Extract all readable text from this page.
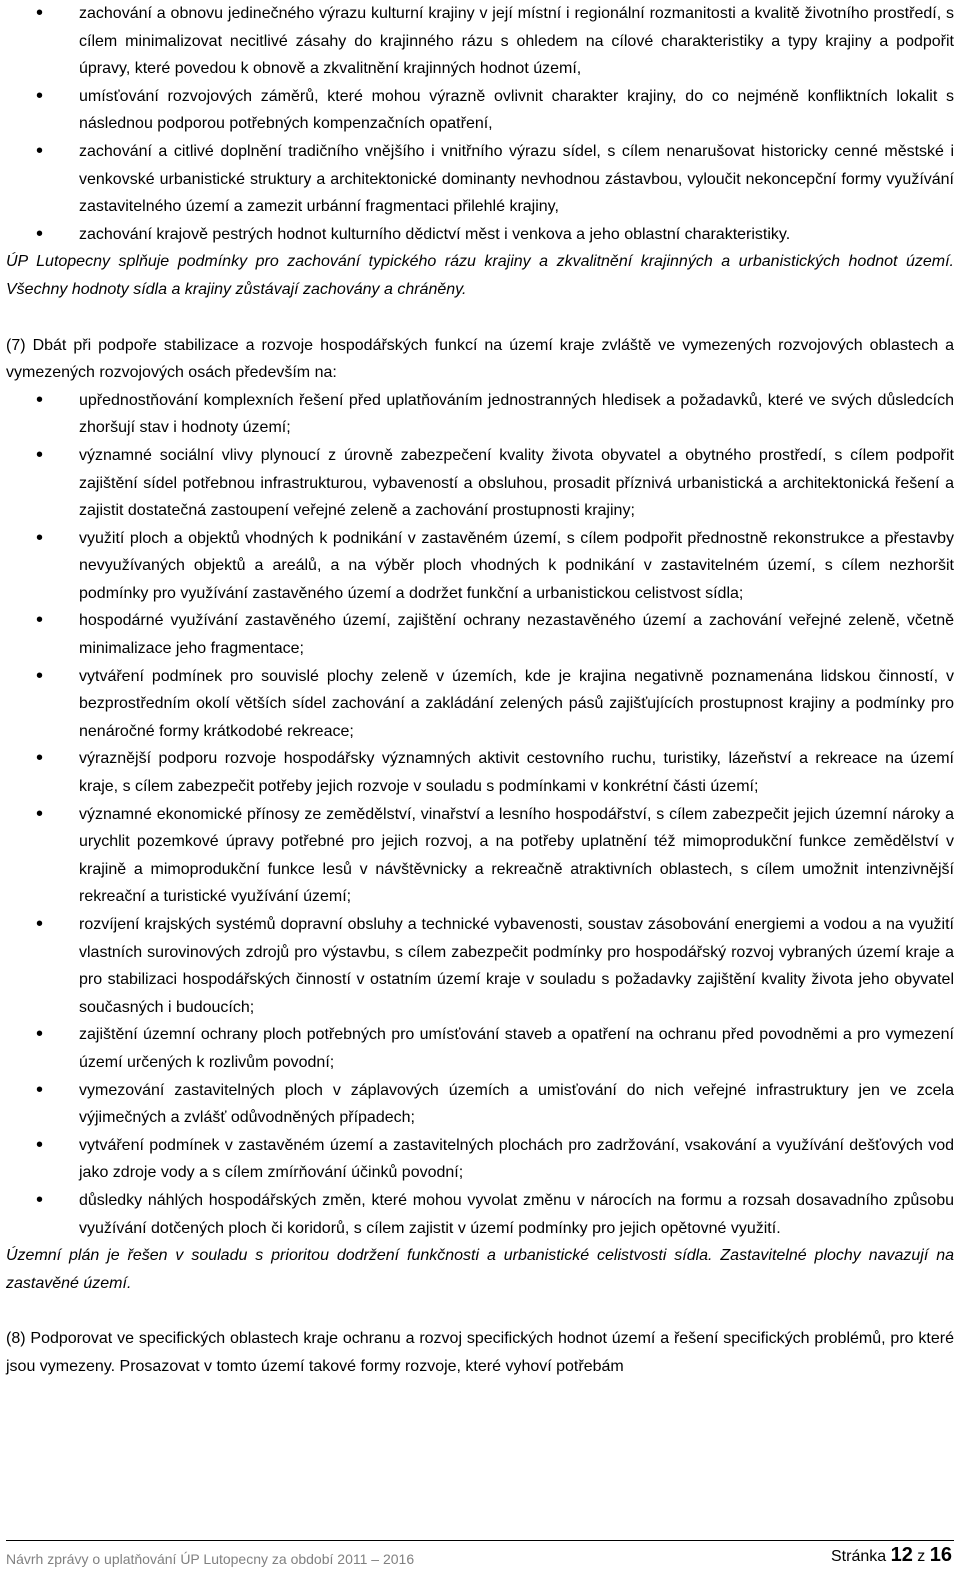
• zachování a obnovu jedinečného výrazu kulturní krajiny v její místní i regionální rozmanitosti a kvalitě životního prostředí, s cílem minimalizovat necitlivé zásahy do krajinného rázu s ohledem na cílové charakteristiky a typy krajiny a podpořit úpravy, které povedou k obnově a zkvalitnění krajinných hodnot území,
• umísťování rozvojových záměrů, které mohou výrazně ovlivnit charakter krajiny, do co nejméně konfliktních lokalit s následnou podporou potřebných kompenzačních opatření,
• zachování a citlivé doplnění tradičního vnějšího i vnitřního výrazu sídel, s cílem nenarušovat historicky cenné městské i venkovské urbanistické struktury a architektonické dominanty nevhodnou zástavbou, vyloučit nekoncepční formy využívání zastavitelného území a zamezit urbánní fragmentaci přilehlé krajiny,
• zachování krajově pestrých hodnot kulturního dědictví měst i venkova a jeho oblastní charakteristiky.

ÚP Lutopecny splňuje podmínky pro zachování typického rázu krajiny a zkvalitnění krajinných a urbanistických hodnot území. Všechny hodnoty sídla a krajiny zůstávají zachovány a chráněny.

(7) Dbát při podpoře stabilizace a rozvoje hospodářských funkcí na území kraje zvláště ve vymezených rozvojových oblastech a vymezených rozvojových osách především na:

• upřednostňování komplexních řešení před uplatňováním jednostranných hledisek a požadavků, které ve svých důsledcích zhoršují stav i hodnoty území;
• významné sociální vlivy plynoucí z úrovně zabezpečení kvality života obyvatel a obytného prostředí, s cílem podpořit zajištění sídel potřebnou infrastrukturou, vybaveností a obsluhou, prosadit příznivá urbanistická a architektonická řešení a zajistit dostatečná zastoupení veřejné zeleně a zachování prostupnosti krajiny;
• využití ploch a objektů vhodných k podnikání v zastavěném území, s cílem podpořit přednostně rekonstrukce a přestavby nevyužívaných objektů a areálů, a na výběr ploch vhodných k podnikání v zastavitelném území, s cílem nezhoršit podmínky pro využívání zastavěného území a dodržet funkční a urbanistickou celistvost sídla;
• hospodárné využívání zastavěného území, zajištění ochrany nezastavěného území a zachování veřejné zeleně, včetně minimalizace jeho fragmentace;
• vytváření podmínek pro souvislé plochy zeleně v územích, kde je krajina negativně poznamenána lidskou činností, v bezprostředním okolí větších sídel zachování a zakládání zelených pásů zajišťujících prostupnost krajiny a podmínky pro nenáročné formy krátkodobé rekreace;
• výraznější podporu rozvoje hospodářsky významných aktivit cestovního ruchu, turistiky, lázeňství a rekreace na území kraje, s cílem zabezpečit potřeby jejich rozvoje v souladu s podmínkami v konkrétní části území;
• významné ekonomické přínosy ze zemědělství, vinařství a lesního hospodářství, s cílem zabezpečit jejich územní nároky a urychlit pozemkové úpravy potřebné pro jejich rozvoj, a na potřeby uplatnění též mimoprodukční funkce zemědělství v krajině a mimoprodukční funkce lesů v návštěvnicky a rekreačně atraktivních oblastech, s cílem umožnit intenzivnější rekreační a turistické využívání území;
• rozvíjení krajských systémů dopravní obsluhy a technické vybavenosti, soustav zásobování energiemi a vodou a na využití vlastních surovinových zdrojů pro výstavbu, s cílem zabezpečit podmínky pro hospodářský rozvoj vybraných území kraje a pro stabilizaci hospodářských činností v ostatním území kraje v souladu s požadavky zajištění kvality života jeho obyvatel současných i budoucích;
• zajištění územní ochrany ploch potřebných pro umísťování staveb a opatření na ochranu před povodněmi a pro vymezení území určených k rozlivům povodní;
• vymezování zastavitelných ploch v záplavových územích a umisťování do nich veřejné infrastruktury jen ve zcela výjimečných a zvlášť odůvodněných případech;
• vytváření podmínek v zastavěném území a zastavitelných plochách pro zadržování, vsakování a využívání dešťových vod jako zdroje vody a s cílem zmírňování účinků povodní;
• důsledky náhlých hospodářských změn, které mohou vyvolat změnu v nárocích na formu a rozsah dosavadního způsobu využívání dotčených ploch či koridorů, s cílem zajistit v území podmínky pro jejich opětovné využití.

Územní plán je řešen v souladu s prioritou dodržení funkčnosti a urbanistické celistvosti sídla. Zastavitelné plochy navazují na zastavěné území.

(8) Podporovat ve specifických oblastech kraje ochranu a rozvoj specifických hodnot území a řešení specifických problémů, pro které jsou vymezeny. Prosazovat v tomto území takové formy rozvoje, které vyhoví potřebám

Návrh zprávy o uplatňování ÚP Lutopecny za období 2011 – 2016	Stránka 12 z 16
